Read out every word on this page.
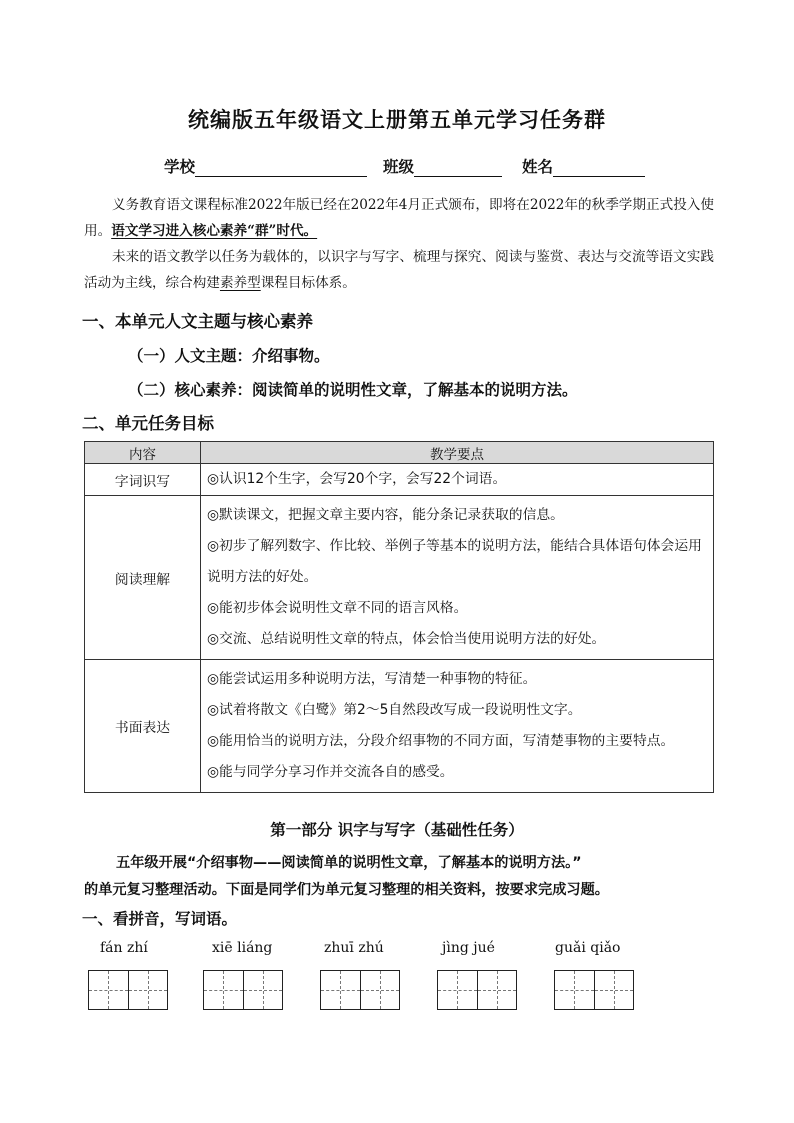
统编版五年级语文上册第五单元学习任务群
学校	班级	姓名
义务教育语文课程标准2022年版已经在2022年4月正式颁布，即将在2022年的秋季学期正式投入使用。语文学习进入核心素养“群”时代。
未来的语文教学以任务为载体的，以识字与写字、梳理与探究、阅读与鉴赏、表达与交流等语文实践活动为主线，综合构建素养型课程目标体系。
一、本单元人文主题与核心素养
（一）人文主题：介绍事物。
（二）核心素养：阅读简单的说明性文章，了解基本的说明方法。
二、单元任务目标
内容	教学要点
字词识写	◎认识12个生字，会写20个字，会写22个词语。

阅读理解	◎默读课文，把握文章主要内容，能分条记录获取的信息。
◎初步了解列数字、作比较、举例子等基本的说明方法，能结合具体语句体会运用说明方法的好处。
◎能初步体会说明性文章不同的语言风格。
◎交流、总结说明性文章的特点，体会恰当使用说明方法的好处。

书面表达	◎能尝试运用多种说明方法，写清楚一种事物的特征。
◎试着将散文《白鹭》第2～5自然段改写成一段说明性文字。
◎能用恰当的说明方法，分段介绍事物的不同方面，写清楚事物的主要特点。
◎能与同学分享习作并交流各自的感受。
第一部分 识字与写字（基础性任务）
五年级开展“介绍事物——阅读简单的说明性文章，了解基本的说明方法。”
的单元复习整理活动。下面是同学们为单元复习整理的相关资料，按要求完成习题。
一、看拼音，写词语。
fán zhí	xiē liáng	zhuī zhú	jìng jué	guǎi qiǎo
